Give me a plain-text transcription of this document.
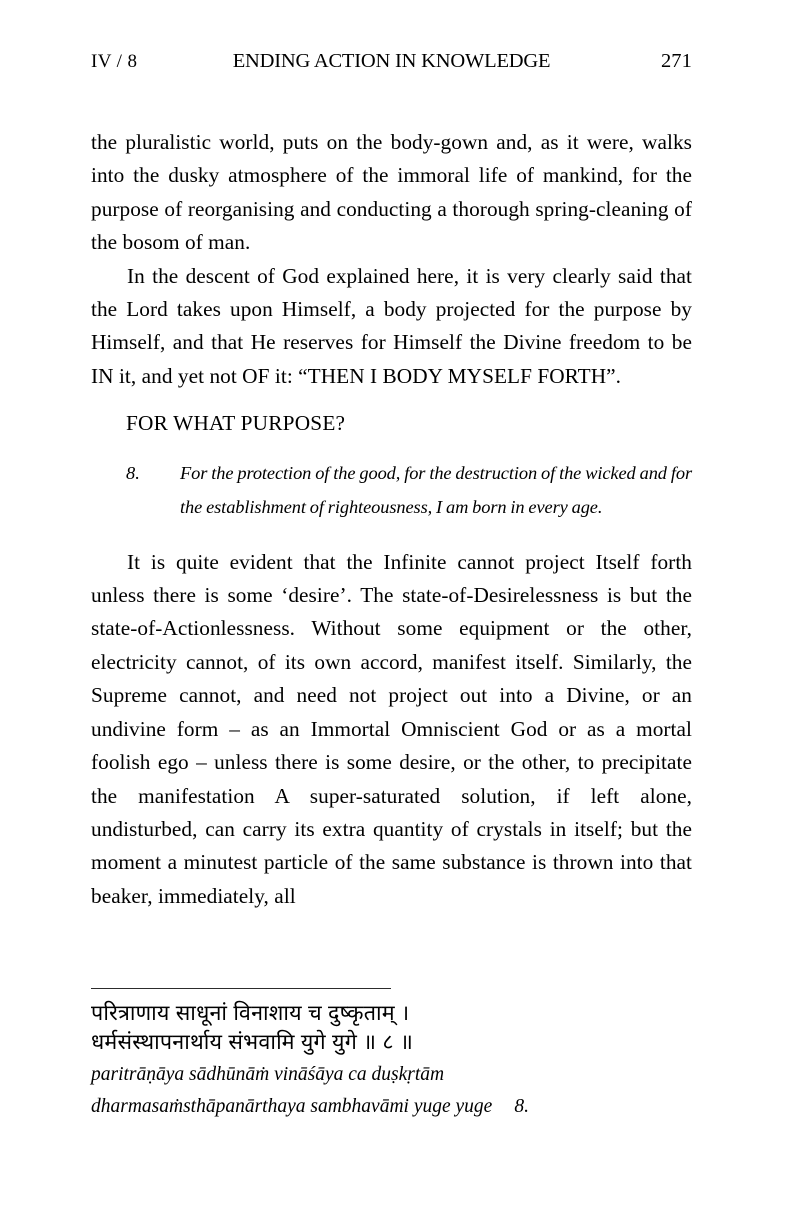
IV / 8	ENDING ACTION IN KNOWLEDGE	271

the pluralistic world, puts on the body-gown and, as it were, walks into the dusky atmosphere of the immoral life of mankind, for the purpose of reorganising and conducting a thorough spring-cleaning of the bosom of man.

In the descent of God explained here, it is very clearly said that the Lord takes upon Himself, a body projected for the purpose by Himself, and that He reserves for Himself the Divine freedom to be IN it, and yet not OF it: “THEN I BODY MYSELF FORTH”.

FOR WHAT PURPOSE?

8.	For the protection of the good, for the destruction of the wicked and for the establishment of righteousness, I am born in every age.

It is quite evident that the Infinite cannot project Itself forth unless there is some ‘desire’. The state-of-Desirelessness is but the state-of-Actionlessness. Without some equipment or the other, electricity cannot, of its own accord, manifest itself. Similarly, the Supreme cannot, and need not project out into a Divine, or an undivine form – as an Immortal Omniscient God or as a mortal foolish ego – unless there is some desire, or the other, to precipitate the manifestation A super-saturated solution, if left alone, undisturbed, can carry its extra quantity of crystals in itself; but the moment a minutest particle of the same substance is thrown into that beaker, immediately, all

परित्राणाय साधूनां विनाशाय च दुष्कृताम् ।
धर्मसंस्थापनार्थाय संभवामि युगे युगे ॥ ८ ॥
paritrāṇāya sādhūnāṁ vināśāya ca duṣkṛtām
dharmasaṁsthāpanārthaya sambhavāmi yuge yuge 8.
